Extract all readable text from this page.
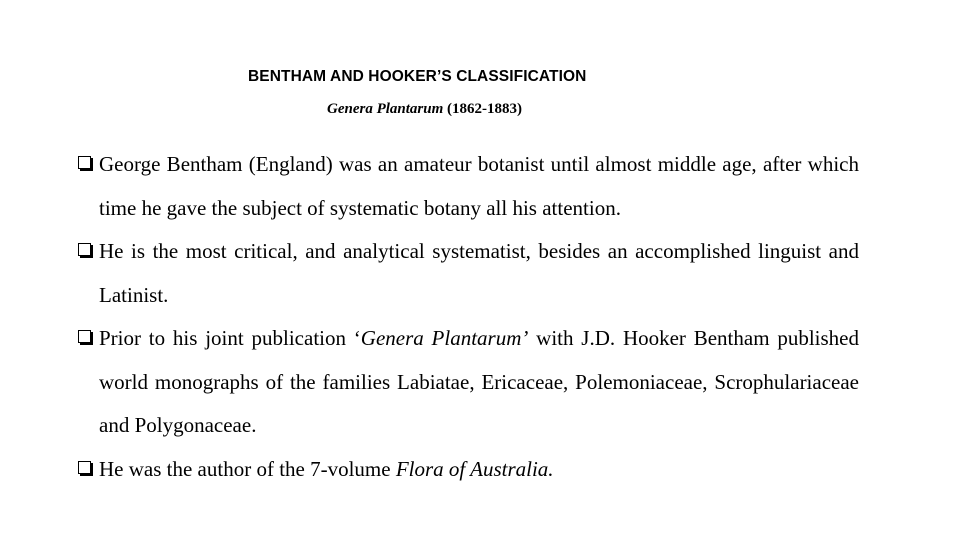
BENTHAM AND HOOKER’S CLASSIFICATION
Genera Plantarum (1862-1883)
George Bentham (England) was an amateur botanist until almost middle age, after which time he gave the subject of systematic botany all his attention.
He is the most critical, and analytical systematist, besides an accomplished linguist and Latinist.
Prior to his joint publication ‘Genera Plantarum’ with J.D. Hooker Bentham published world monographs of the families Labiatae, Ericaceae, Polemoniaceae, Scrophulariaceae and Polygonaceae.
He was the author of the 7-volume Flora of Australia.
